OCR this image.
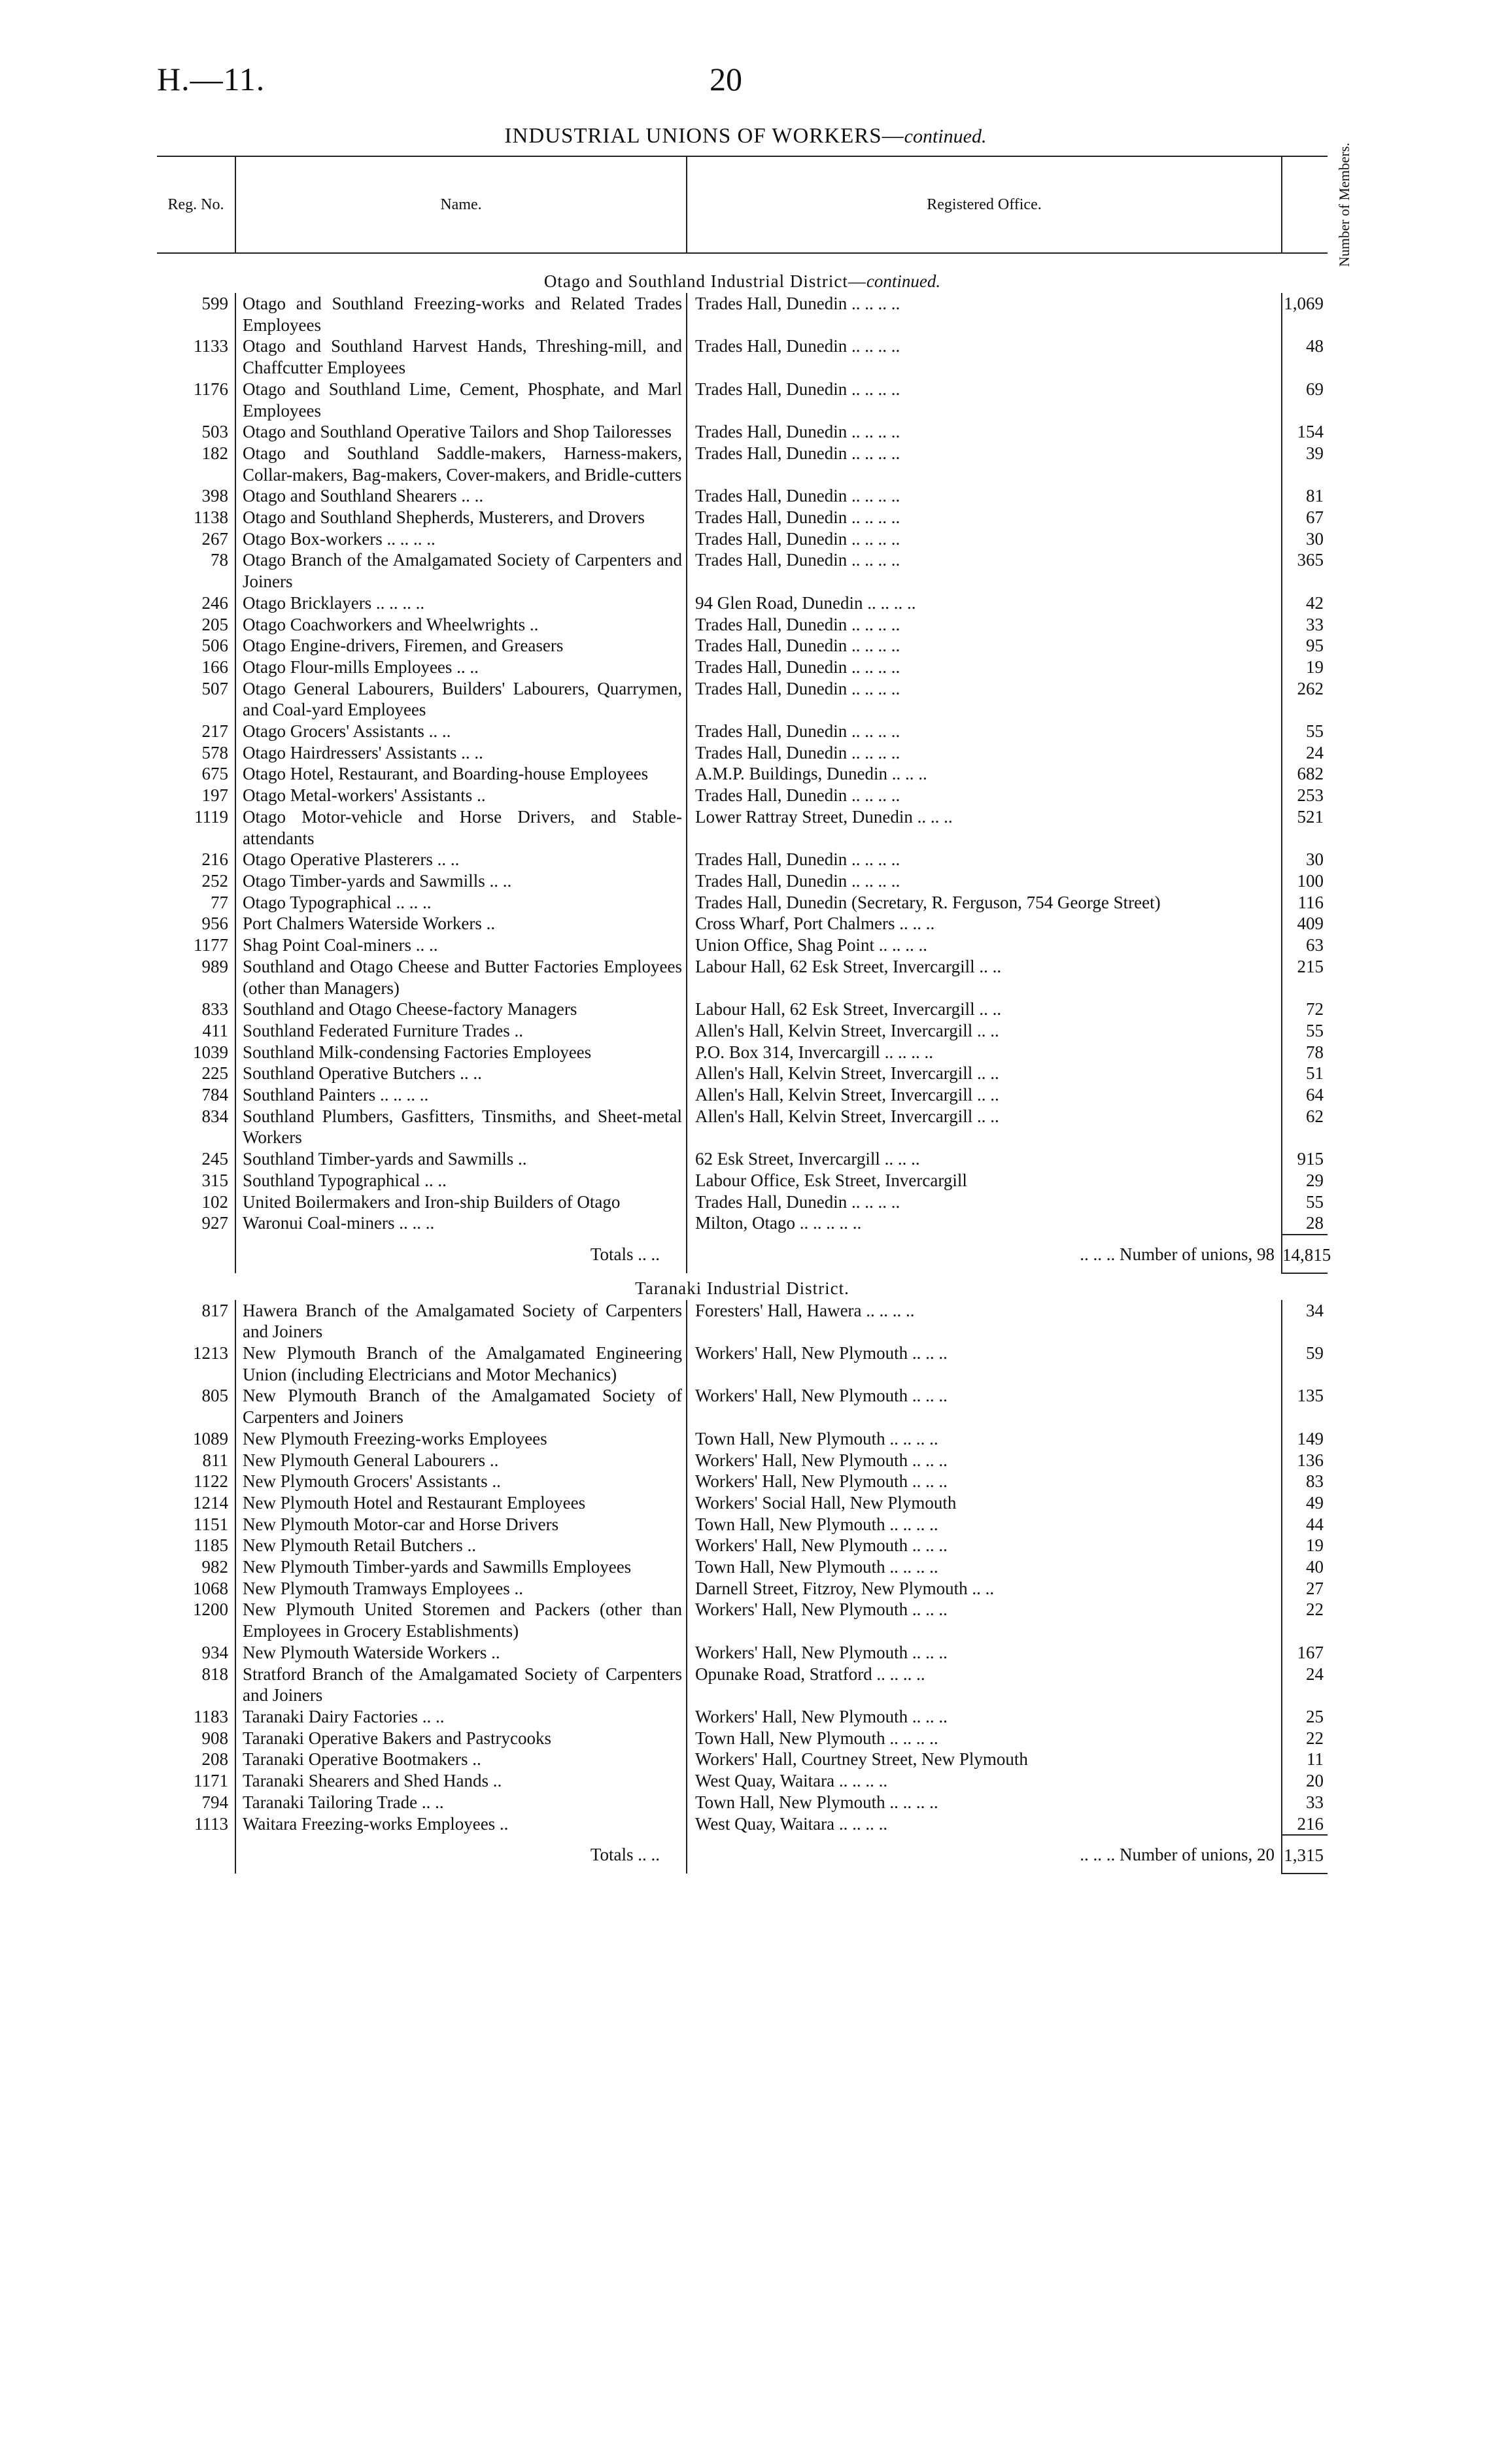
H.—11.	20
INDUSTRIAL UNIONS OF WORKERS—continued.
Reg. No.	Name.	Registered Office.	Number of Members.
Otago and Southland Industrial District—continued.
599	Otago and Southland Freezing-works and Related Trades Employees	Trades Hall, Dunedin .. .. .. ..	1,069
1133	Otago and Southland Harvest Hands, Threshing-mill, and Chaffcutter Employees	Trades Hall, Dunedin .. .. .. ..	48
1176	Otago and Southland Lime, Cement, Phosphate, and Marl Employees	Trades Hall, Dunedin .. .. .. ..	69
503	Otago and Southland Operative Tailors and Shop Tailoresses	Trades Hall, Dunedin .. .. .. ..	154
182	Otago and Southland Saddle-makers, Harness-makers, Collar-makers, Bag-makers, Cover-makers, and Bridle-cutters	Trades Hall, Dunedin .. .. .. ..	39
398	Otago and Southland Shearers .. ..	Trades Hall, Dunedin .. .. .. ..	81
1138	Otago and Southland Shepherds, Musterers, and Drovers	Trades Hall, Dunedin .. .. .. ..	67
267	Otago Box-workers .. .. .. ..	Trades Hall, Dunedin .. .. .. ..	30
78	Otago Branch of the Amalgamated Society of Carpenters and Joiners	Trades Hall, Dunedin .. .. .. ..	365
246	Otago Bricklayers .. .. .. ..	94 Glen Road, Dunedin .. .. .. ..	42
205	Otago Coachworkers and Wheelwrights ..	Trades Hall, Dunedin .. .. .. ..	33
506	Otago Engine-drivers, Firemen, and Greasers	Trades Hall, Dunedin .. .. .. ..	95
166	Otago Flour-mills Employees .. ..	Trades Hall, Dunedin .. .. .. ..	19
507	Otago General Labourers, Builders' Labourers, Quarrymen, and Coal-yard Employees	Trades Hall, Dunedin .. .. .. ..	262
217	Otago Grocers' Assistants .. ..	Trades Hall, Dunedin .. .. .. ..	55
578	Otago Hairdressers' Assistants .. ..	Trades Hall, Dunedin .. .. .. ..	24
675	Otago Hotel, Restaurant, and Boarding-house Employees	A.M.P. Buildings, Dunedin .. .. ..	682
197	Otago Metal-workers' Assistants ..	Trades Hall, Dunedin .. .. .. ..	253
1119	Otago Motor-vehicle and Horse Drivers, and Stable-attendants	Lower Rattray Street, Dunedin .. .. ..	521
216	Otago Operative Plasterers .. ..	Trades Hall, Dunedin .. .. .. ..	30
252	Otago Timber-yards and Sawmills .. ..	Trades Hall, Dunedin .. .. .. ..	100
77	Otago Typographical .. .. ..	Trades Hall, Dunedin (Secretary, R. Ferguson, 754 George Street)	116
956	Port Chalmers Waterside Workers ..	Cross Wharf, Port Chalmers .. .. ..	409
1177	Shag Point Coal-miners .. ..	Union Office, Shag Point .. .. .. ..	63
989	Southland and Otago Cheese and Butter Factories Employees (other than Managers)	Labour Hall, 62 Esk Street, Invercargill .. ..	215
833	Southland and Otago Cheese-factory Managers	Labour Hall, 62 Esk Street, Invercargill .. ..	72
411	Southland Federated Furniture Trades ..	Allen's Hall, Kelvin Street, Invercargill .. ..	55
1039	Southland Milk-condensing Factories Employees	P.O. Box 314, Invercargill .. .. .. ..	78
225	Southland Operative Butchers .. ..	Allen's Hall, Kelvin Street, Invercargill .. ..	51
784	Southland Painters .. .. .. ..	Allen's Hall, Kelvin Street, Invercargill .. ..	64
834	Southland Plumbers, Gasfitters, Tinsmiths, and Sheet-metal Workers	Allen's Hall, Kelvin Street, Invercargill .. ..	62
245	Southland Timber-yards and Sawmills ..	62 Esk Street, Invercargill .. .. ..	915
315	Southland Typographical .. ..	Labour Office, Esk Street, Invercargill	29
102	United Boilermakers and Iron-ship Builders of Otago	Trades Hall, Dunedin .. .. .. ..	55
927	Waronui Coal-miners .. .. ..	Milton, Otago .. .. .. .. ..	28
	Totals .. ..	.. .. .. Number of unions, 98	14,815
Taranaki Industrial District.
817	Hawera Branch of the Amalgamated Society of Carpenters and Joiners	Foresters' Hall, Hawera .. .. .. ..	34
1213	New Plymouth Branch of the Amalgamated Engineering Union (including Electricians and Motor Mechanics)	Workers' Hall, New Plymouth .. .. ..	59
805	New Plymouth Branch of the Amalgamated Society of Carpenters and Joiners	Workers' Hall, New Plymouth .. .. ..	135
1089	New Plymouth Freezing-works Employees	Town Hall, New Plymouth .. .. .. ..	149
811	New Plymouth General Labourers ..	Workers' Hall, New Plymouth .. .. ..	136
1122	New Plymouth Grocers' Assistants ..	Workers' Hall, New Plymouth .. .. ..	83
1214	New Plymouth Hotel and Restaurant Employees	Workers' Social Hall, New Plymouth	49
1151	New Plymouth Motor-car and Horse Drivers	Town Hall, New Plymouth .. .. .. ..	44
1185	New Plymouth Retail Butchers ..	Workers' Hall, New Plymouth .. .. ..	19
982	New Plymouth Timber-yards and Sawmills Employees	Town Hall, New Plymouth .. .. .. ..	40
1068	New Plymouth Tramways Employees ..	Darnell Street, Fitzroy, New Plymouth .. ..	27
1200	New Plymouth United Storemen and Packers (other than Employees in Grocery Establishments)	Workers' Hall, New Plymouth .. .. ..	22
934	New Plymouth Waterside Workers ..	Workers' Hall, New Plymouth .. .. ..	167
818	Stratford Branch of the Amalgamated Society of Carpenters and Joiners	Opunake Road, Stratford .. .. .. ..	24
1183	Taranaki Dairy Factories .. ..	Workers' Hall, New Plymouth .. .. ..	25
908	Taranaki Operative Bakers and Pastrycooks	Town Hall, New Plymouth .. .. .. ..	22
208	Taranaki Operative Bootmakers ..	Workers' Hall, Courtney Street, New Plymouth	11
1171	Taranaki Shearers and Shed Hands ..	West Quay, Waitara .. .. .. ..	20
794	Taranaki Tailoring Trade .. ..	Town Hall, New Plymouth .. .. .. ..	33
1113	Waitara Freezing-works Employees ..	West Quay, Waitara .. .. .. ..	216
	Totals .. ..	.. .. .. Number of unions, 20	1,315
